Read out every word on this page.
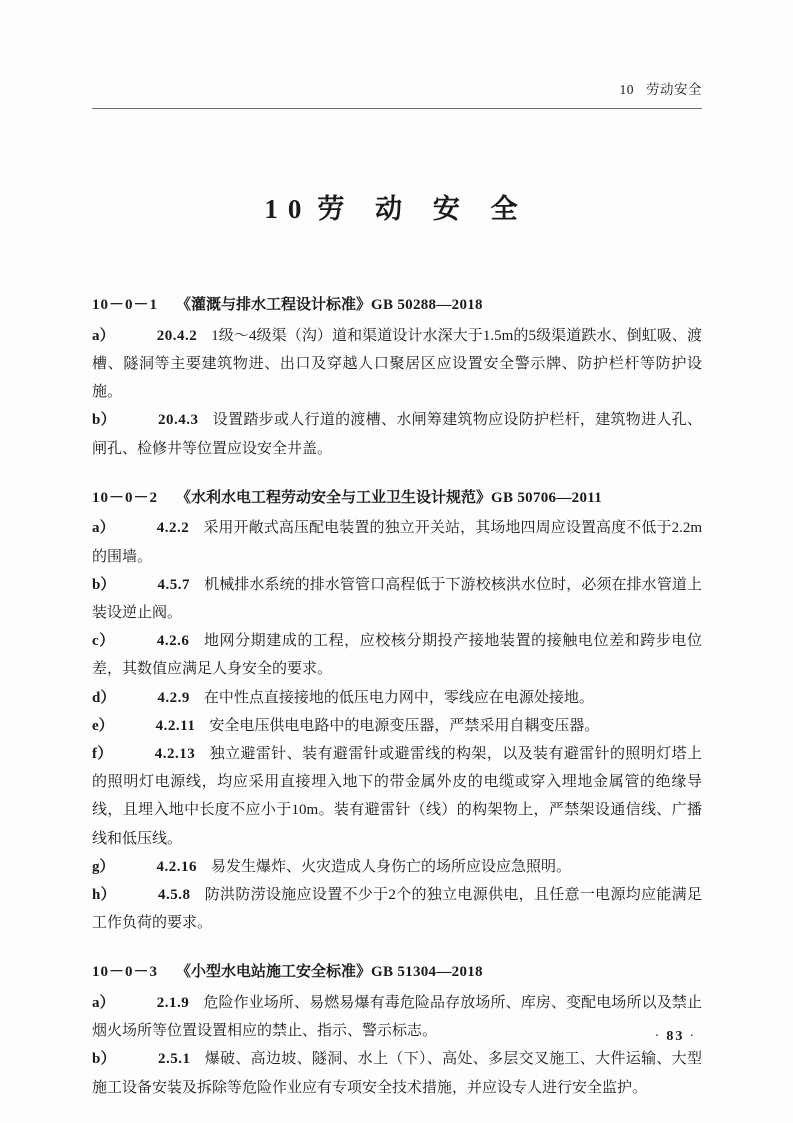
10 劳动安全
10 劳 动 安 全
10－0－1 《灌溉与排水工程设计标准》GB 50288—2018

a）	20.4.2 1级～4级渠（沟）道和渠道设计水深大于1.5m的5级渠道跌水、倒虹吸、渡槽、隧洞等主要建筑物进、出口及穿越人口聚居区应设置安全警示牌、防护栏杆等防护设施。

b）	20.4.3 设置踏步或人行道的渡槽、水闸筹建筑物应设防护栏杆，建筑物进人孔、闸孔、检修井等位置应设安全井盖。

10－0－2 《水利水电工程劳动安全与工业卫生设计规范》GB 50706—2011

a）	4.2.2 采用开敞式高压配电装置的独立开关站，其场地四周应设置高度不低于2.2m的围墙。

b）	4.5.7 机械排水系统的排水管管口高程低于下游校核洪水位时，必须在排水管道上装设逆止阀。

c）	4.2.6 地网分期建成的工程，应校核分期投产接地装置的接触电位差和跨步电位差，其数值应满足人身安全的要求。

d）	4.2.9 在中性点直接接地的低压电力网中，零线应在电源处接地。

e）	4.2.11 安全电压供电电路中的电源变压器，严禁采用自耦变压器。

f）	4.2.13 独立避雷针、装有避雷针或避雷线的构架，以及装有避雷针的照明灯塔上的照明灯电源线，均应采用直接埋入地下的带金属外皮的电缆或穿入埋地金属管的绝缘导线，且埋入地中长度不应小于10m。装有避雷针（线）的构架物上，严禁架设通信线、广播线和低压线。

g）	4.2.16 易发生爆炸、火灾造成人身伤亡的场所应设应急照明。

h）	4.5.8 防洪防涝设施应设置不少于2个的独立电源供电，且任意一电源均应能满足工作负荷的要求。

10－0－3 《小型水电站施工安全标准》GB 51304—2018

a）	2.1.9 危险作业场所、易燃易爆有毒危险品存放场所、库房、变配电场所以及禁止烟火场所等位置设置相应的禁止、指示、警示标志。

b）	2.5.1 爆破、高边坡、隧洞、水上（下）、高处、多层交叉施工、大件运输、大型施工设备安装及拆除等危险作业应有专项安全技术措施，并应设专人进行安全监护。

· 83 ·
